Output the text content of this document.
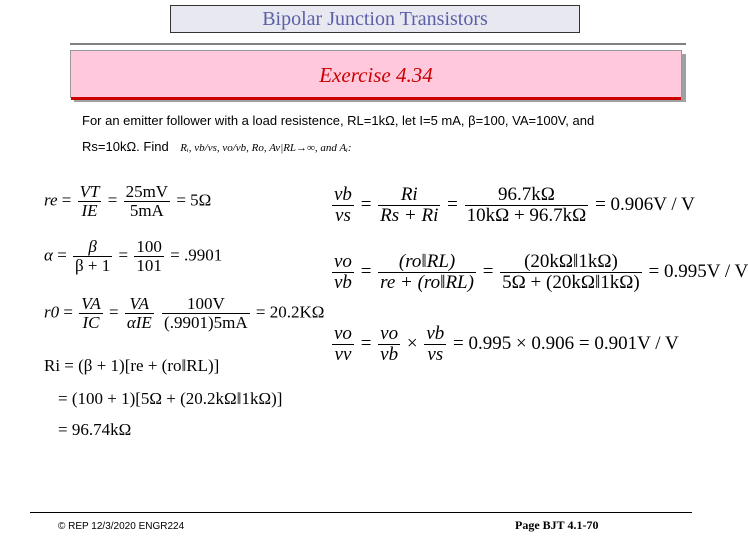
Bipolar Junction Transistors
Exercise 4.34
For an emitter follower with a load resistence, RL=1kΩ, let I=5 mA, β=100, VA=100V, and
Rs=10kΩ. Find Rᵢ, vb/vs, vo/vb, Ro, Av|RL→∞, and Aᵢ:
re = $\frac{VT}{IE} = \frac{25mV}{5mA} = 5\Omega$
$\alpha = \frac{\beta}{\beta + 1} = \frac{100}{101} = .9901$
$r0 = \frac{VA}{IC}$ = VA
αIE
$\frac{100V}{(.9901)5mA} = 20.2K\Omega$
Ri = (β + 1)[re + (ro‖RL)]
= (100 + 1)[5Ω + (20.2kΩ‖1kΩ)]
= 96.74kΩ
$\frac{vb}{vs} = \frac{Ri}{Rs + Ri} = \frac{96.7k\Omega}{10k\Omega + 96.7k\Omega} = 0.906V / V$
$\frac{vo}{vb} = \frac{(ro‖RL)}{re + (ro‖RL)} = \frac{(20k\Omega‖1k\Omega)}{5\Omega + (20k\Omega‖1k\Omega)} = 0.995V / V$
$\frac{vo}{vv} = \frac{vo}{vb} \times \frac{vb}{vs} = 0.995 \times 0.906 = 0.901V / V$
© REP 12/3/2020 ENGR224	Page BJT 4.1-70
